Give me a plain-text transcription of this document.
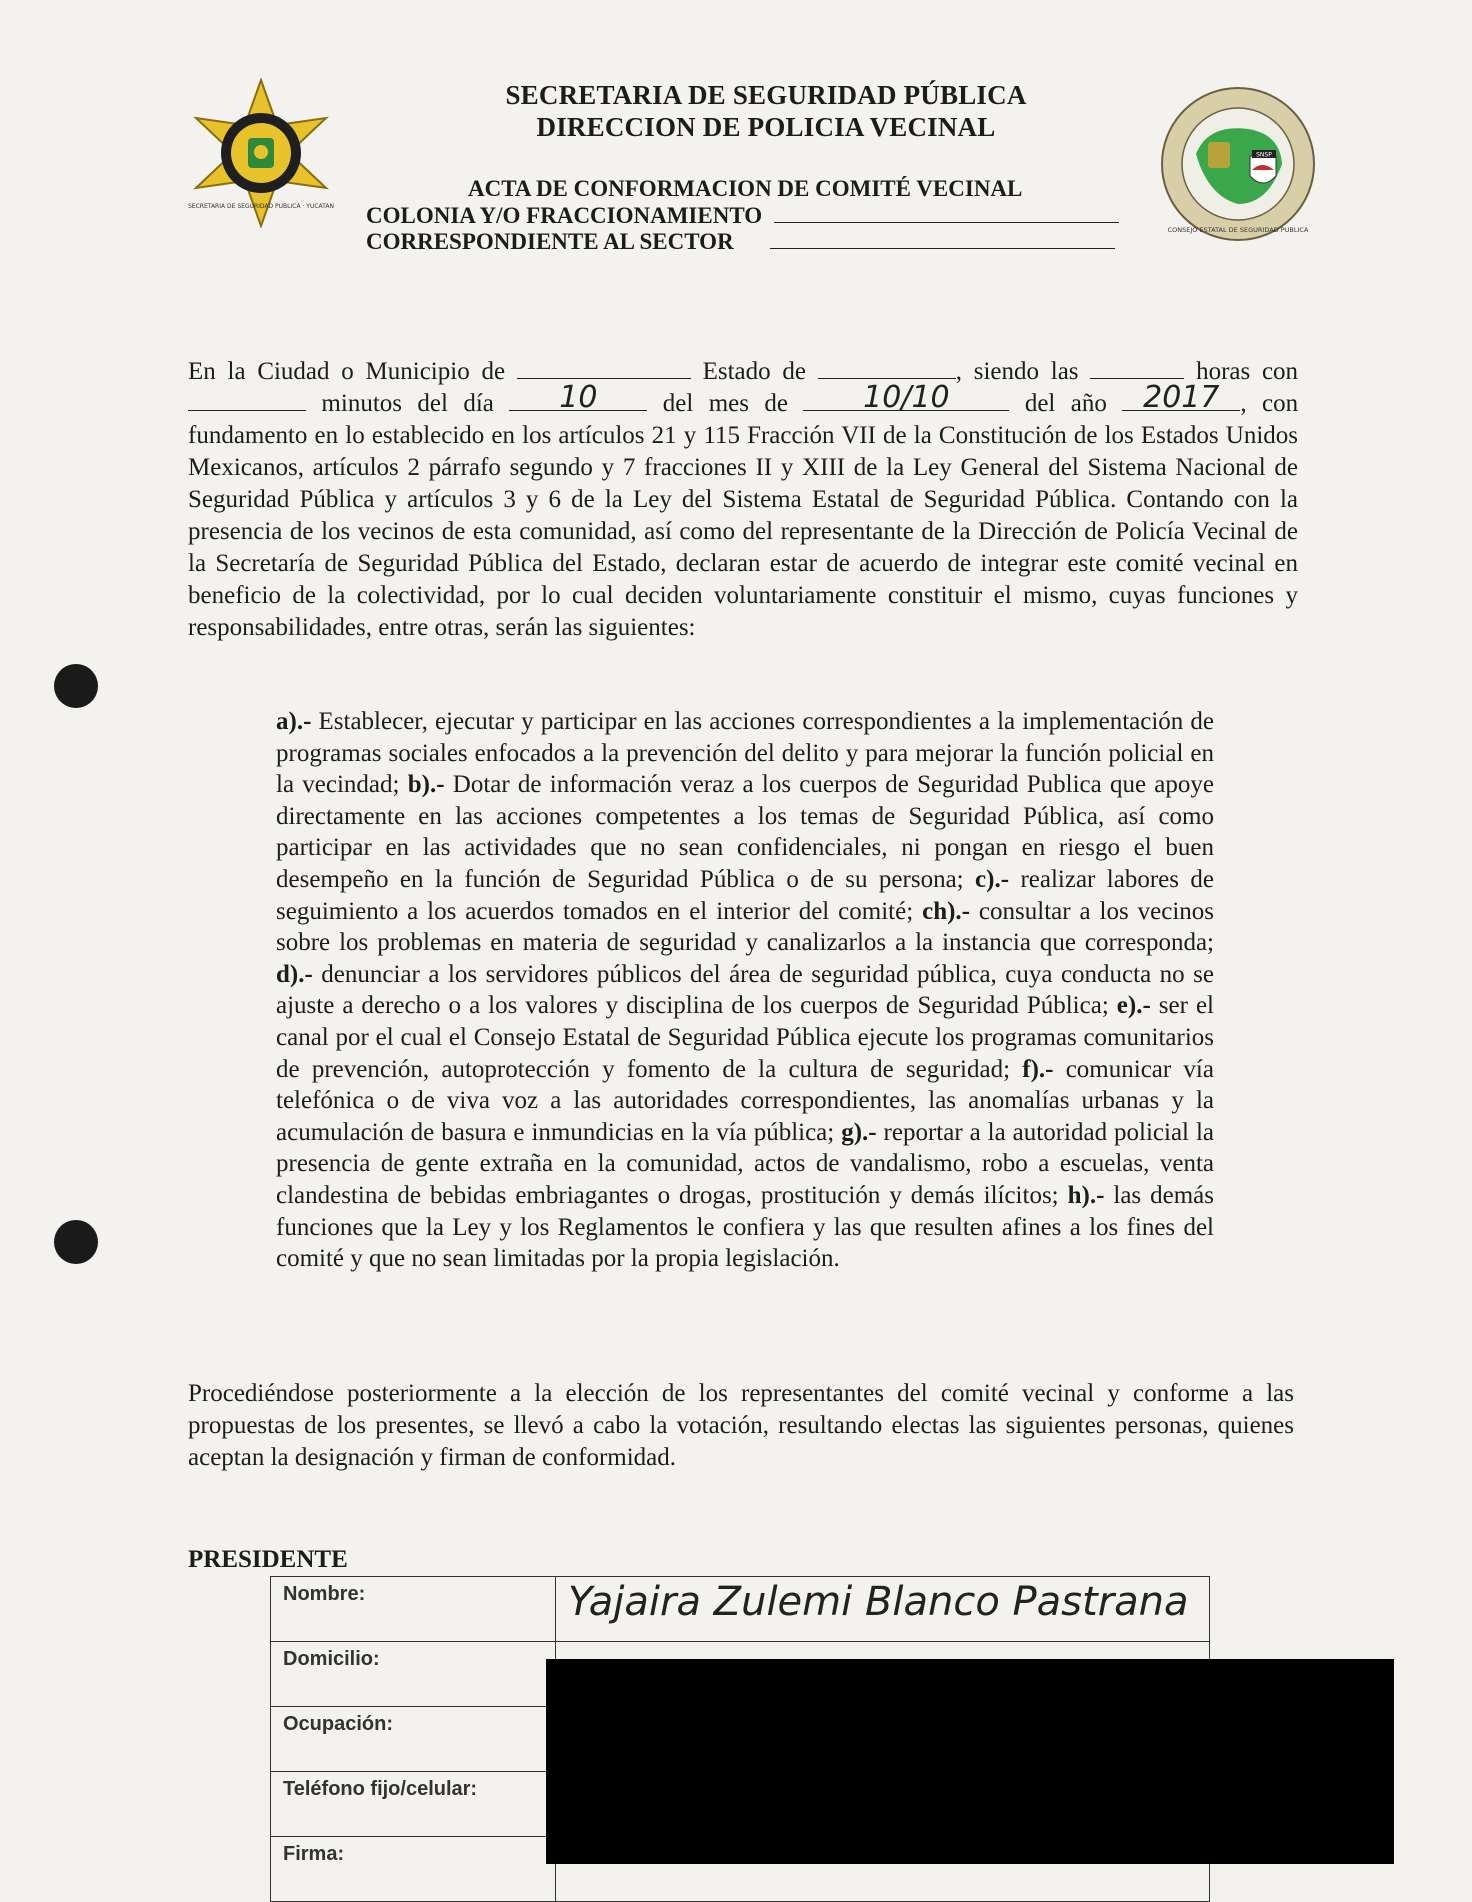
SECRETARIA DE SEGURIDAD PUBLICA · YUCATAN
SNSP
CONSEJO ESTATAL DE SEGURIDAD PUBLICA
SECRETARIA DE SEGURIDAD PÚBLICA
DIRECCION DE POLICIA VECINAL
ACTA DE CONFORMACION DE COMITÉ VECINAL
COLONIA Y/O FRACCIONAMIENTO
CORRESPONDIENTE AL SECTOR
En la Ciudad o Municipio de	Estado de	, siendo las	horas con  minutos del día	10	del mes de	10/10	del año	2017 , con fundamento en lo establecido en los artículos 21 y 115 Fracción VII de la Constitución de los Estados Unidos Mexicanos, artículos 2 párrafo segundo y 7 fracciones II y XIII de la Ley General del Sistema Nacional de Seguridad Pública y artículos 3 y 6 de la Ley del Sistema Estatal de Seguridad Pública. Contando con la presencia de los vecinos de esta comunidad, así como del representante de la Dirección de Policía Vecinal de la Secretaría de Seguridad Pública del Estado, declaran estar de acuerdo de integrar este comité vecinal en beneficio de la colectividad, por lo cual deciden voluntariamente constituir el mismo, cuyas funciones y responsabilidades, entre otras, serán las siguientes:
a).- Establecer, ejecutar y participar en las acciones correspondientes a la implementación de programas sociales enfocados a la prevención del delito y para mejorar la función policial en la vecindad; b).- Dotar de información veraz a los cuerpos de Seguridad Publica que apoye directamente en las acciones competentes a los temas de Seguridad Pública, así como participar en las actividades que no sean confidenciales, ni pongan en riesgo el buen desempeño en la función de Seguridad Pública o de su persona; c).- realizar labores de seguimiento a los acuerdos tomados en el interior del comité; ch).- consultar a los vecinos sobre los problemas en materia de seguridad y canalizarlos a la instancia que corresponda; d).- denunciar a los servidores públicos del área de seguridad pública, cuya conducta no se ajuste a derecho o a los valores y disciplina de los cuerpos de Seguridad Pública; e).- ser el canal por el cual el Consejo Estatal de Seguridad Pública ejecute los programas comunitarios de prevención, autoprotección y fomento de la cultura de seguridad; f).- comunicar vía telefónica o de viva voz a las autoridades correspondientes, las anomalías urbanas y la acumulación de basura e inmundicias en la vía pública; g).- reportar a la autoridad policial la presencia de gente extraña en la comunidad, actos de vandalismo, robo a escuelas, venta clandestina de bebidas embriagantes o drogas, prostitución y demás ilícitos; h).- las demás funciones que la Ley y los Reglamentos le confiera y las que resulten afines a los fines del comité y que no sean limitadas por la propia legislación.
Procediéndose posteriormente a la elección de los representantes del comité vecinal y conforme a las propuestas de los presentes, se llevó a cabo la votación, resultando electas las siguientes personas, quienes aceptan la designación y firman de conformidad.
PRESIDENTE
Nombre:	Yajaira Zulemi Blanco Pastrana
Domicilio:	
Ocupación:	
Teléfono fijo/celular:	
Firma:	
